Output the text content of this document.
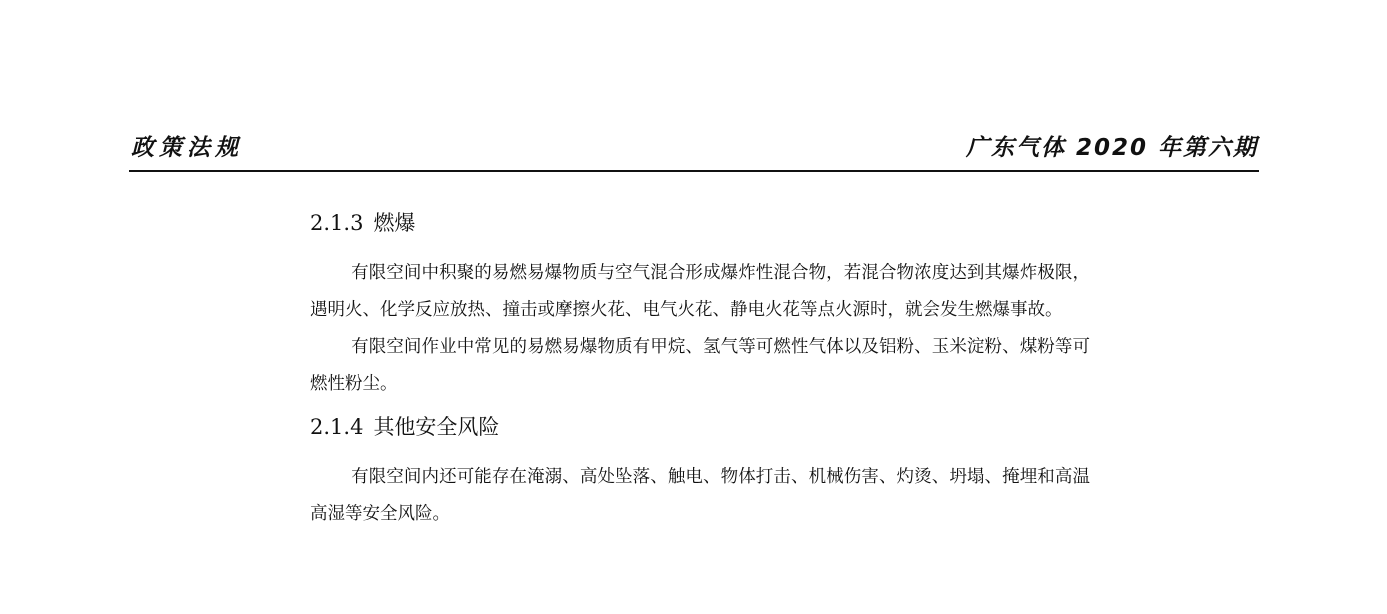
政策法规	广东气体 2020 年第六期
2.1.3 燃爆

有限空间中积聚的易燃易爆物质与空气混合形成爆炸性混合物，若混合物浓度达到其爆炸极限，遇明火、化学反应放热、撞击或摩擦火花、电气火花、静电火花等点火源时，就会发生燃爆事故。

有限空间作业中常见的易燃易爆物质有甲烷、氢气等可燃性气体以及铝粉、玉米淀粉、煤粉等可燃性粉尘。

2.1.4 其他安全风险

有限空间内还可能存在淹溺、高处坠落、触电、物体打击、机械伤害、灼烫、坍塌、掩埋和高温高湿等安全风险。
